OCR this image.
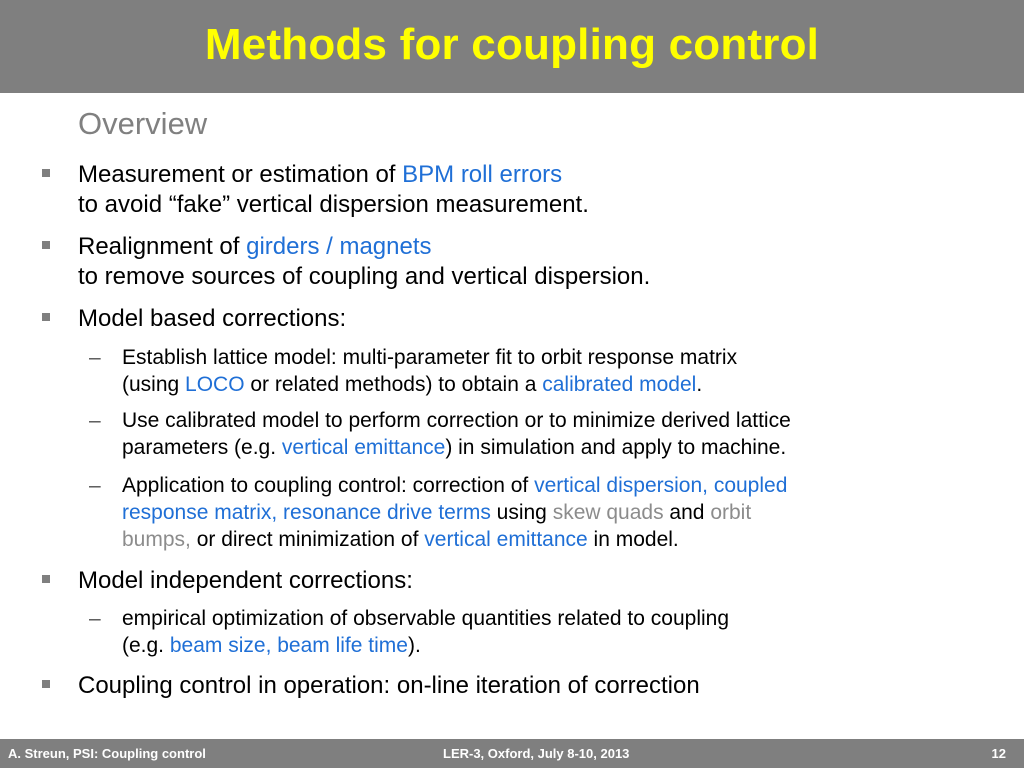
Methods for coupling control
Overview
Measurement or estimation of BPM roll errors
to avoid “fake” vertical dispersion measurement.
Realignment of girders / magnets
to remove sources of coupling and vertical dispersion.
Model based corrections:
– Establish lattice model: multi-parameter fit to orbit response matrix
(using LOCO or related methods) to obtain a calibrated model.
– Use calibrated model to perform correction or to minimize derived lattice
parameters (e.g. vertical emittance) in simulation and apply to machine.
– Application to coupling control: correction of vertical dispersion, coupled
response matrix, resonance drive terms using skew quads and orbit
bumps, or direct minimization of vertical emittance in model.
Model independent corrections:
– empirical optimization of observable quantities related to coupling
(e.g. beam size, beam life time).
Coupling control in operation: on-line iteration of correction
A. Streun, PSI: Coupling control	LER-3, Oxford, July 8-10, 2013	12
